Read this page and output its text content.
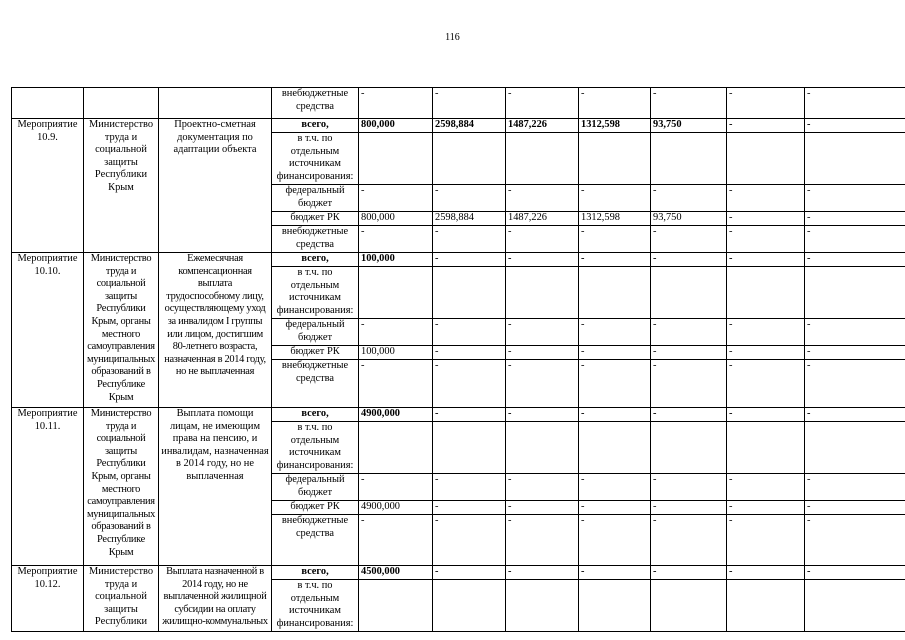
116
			внебюджетные средства	-	-	-	-	-	-	-
Мероприятие 10.9.	Министерство труда и социальной защиты Республики Крым	Проектно-сметная документация по адаптации объекта	всего,	800,000	2598,884	1487,226	1312,598	93,750	-	-
			в т.ч. по отдельным источникам финансирования:							
			федеральный бюджет	-	-	-	-	-	-	-
			бюджет РК	800,000	2598,884	1487,226	1312,598	93,750	-	-
			внебюджетные средства	-	-	-	-	-	-	-
Мероприятие 10.10.	Министерство труда и социальной защиты Республики Крым, органы местного самоуправления муниципальных образований в Республике Крым	Ежемесячная компенсационная выплата трудоспособному лицу, осуществляющему уход за инвалидом I группы или лицом, достигшим 80-летнего возраста, назначенная в 2014 году, но не выплаченная	всего,	100,000	-	-	-	-	-	-
			в т.ч. по отдельным источникам финансирования:							
			федеральный бюджет	-	-	-	-	-	-	-
			бюджет РК	100,000	-	-	-	-	-	-
			внебюджетные средства	-	-	-	-	-	-	-
Мероприятие 10.11.	Министерство труда и социальной защиты Республики Крым, органы местного самоуправления муниципальных образований в Республике Крым	Выплата помощи лицам, не имеющим права на пенсию, и инвалидам, назначенная в 2014 году, но не выплаченная	всего,	4900,000	-	-	-	-	-	-
			в т.ч. по отдельным источникам финансирования:							
			федеральный бюджет	-	-	-	-	-	-	-
			бюджет РК	4900,000	-	-	-	-	-	-
			внебюджетные средства	-	-	-	-	-	-	-
Мероприятие 10.12.	Министерство труда и социальной защиты Республики	Выплата назначенной в 2014 году, но не выплаченной жилищной субсидии на оплату жилищно-коммунальных	всего,	4500,000	-	-	-	-	-	-
			в т.ч. по отдельным источникам финансирования:							
